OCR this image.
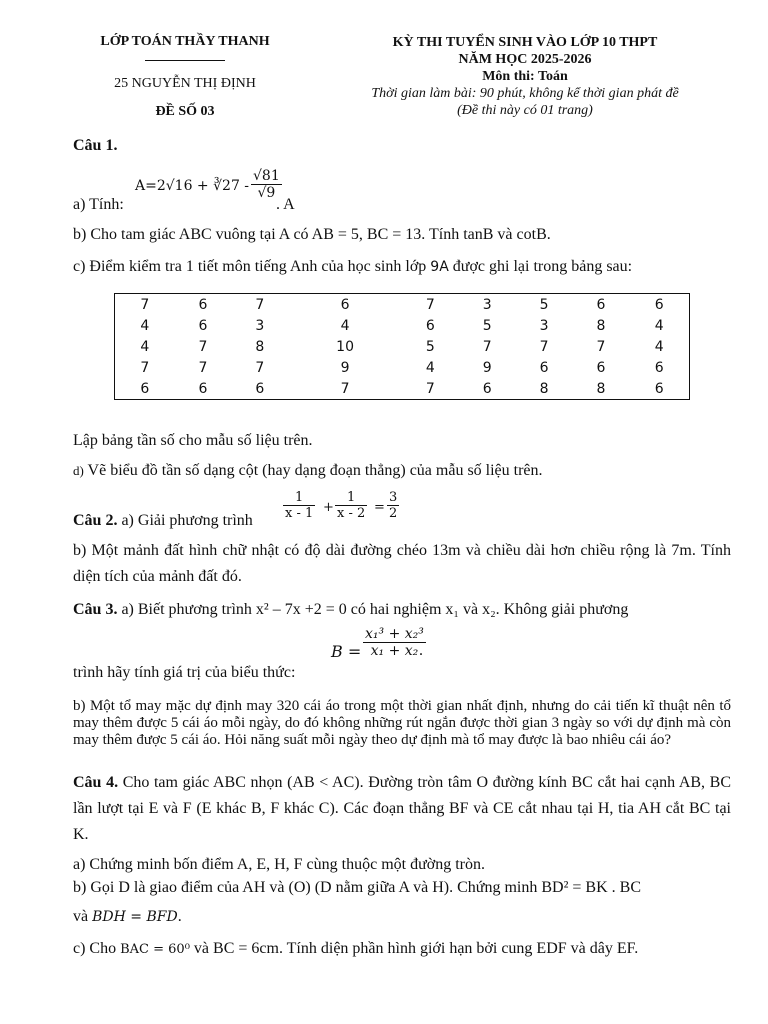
LỚP TOÁN THẦY THANH
25 NGUYỄN THỊ ĐỊNH
ĐỀ SỐ 03
KỲ THI TUYỂN SINH VÀO LỚP 10 THPT
NĂM HỌC 2025-2026
Môn thi: Toán
Thời gian làm bài: 90 phút, không kể thời gian phát đề
(Đề thi này có 01 trang)
Câu 1.
a) Tính:
A=2√16 + ∛27 - $\frac{√81}{√9}$
. A
b) Cho tam giác ABC vuông tại A có AB = 5, BC = 13. Tính tanB và cotB.
c) Điểm kiểm tra 1 tiết môn tiếng Anh của học sinh lớp 9A được ghi lại trong bảng sau:
7	6	7	6	7	3	5	6	6
4	6	3	4	6	5	3	8	4
4	7	8	10	5	7	7	7	4
7	7	7	9	4	9	6	6	6
6	6	6	7	7	6	8	8	6
Lập bảng tần số cho mẫu số liệu trên.
d) Vẽ biểu đồ tần số dạng cột (hay dạng đoạn thẳng) của mẫu số liệu trên.
Câu 2. a) Giải phương trình $\frac{1}{x - 1} + \frac{1}{x - 2} = \frac{3}{2}$
b) Một mảnh đất hình chữ nhật có độ dài đường chéo 13m và chiều dài hơn chiều rộng là 7m. Tính diện tích của mảnh đất đó.
Câu 3. a) Biết phương trình x² – 7x +2 = 0 có hai nghiệm x₁ và x₂. Không giải phương
trình hãy tính giá trị của biểu thức:
$B = \frac{\text{x₁³ + x₂³}}{\text{x₁ + x₂}}$
.
b) Một tổ may mặc dự định may 320 cái áo trong một thời gian nhất định, nhưng do cải tiến kĩ thuật nên tổ may thêm được 5 cái áo mỗi ngày, do đó không những rút ngắn được thời gian 3 ngày so với dự định mà còn may thêm được 5 cái áo. Hỏi năng suất mỗi ngày theo dự định mà tổ may được là bao nhiêu cái áo?
Câu 4. Cho tam giác ABC nhọn (AB < AC). Đường tròn tâm O đường kính BC cắt hai cạnh AB, BC lần lượt tại E và F (E khác B, F khác C). Các đoạn thẳng BF và CE cắt nhau tại H, tia AH cắt BC tại K.
a) Chứng minh bốn điểm A, E, H, F cùng thuộc một đường tròn.
b) Gọi D là giao điểm của AH và (O) (D nằm giữa A và H). Chứng minh BD² = BK . BC
và BDH = BFD.
c) Cho BAC = 60⁰ và BC = 6cm. Tính diện phần hình giới hạn bởi cung EDF và dây EF.
